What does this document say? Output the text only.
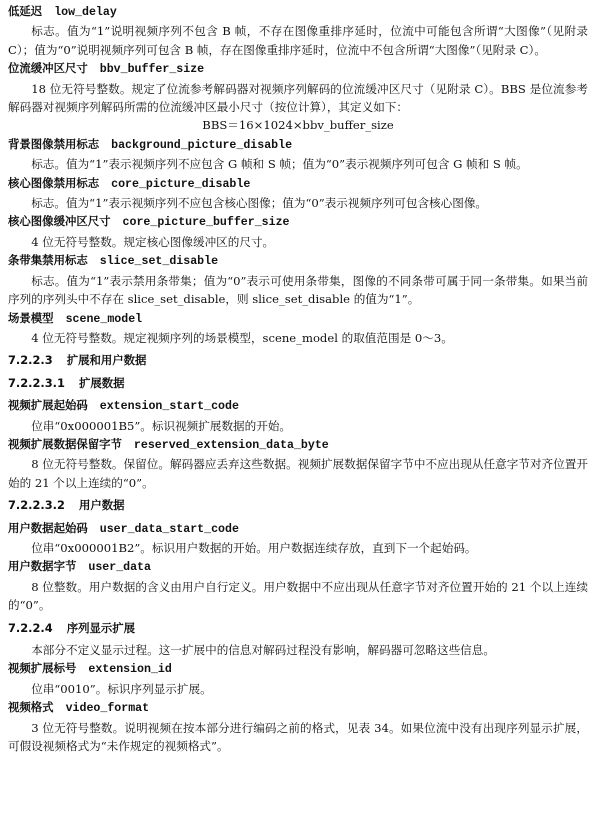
低延迟 low_delay
标志。值为“1”说明视频序列不包含 B 帧，不存在图像重排序延时，位流中可能包含所谓“大图像”（见附录 C）；值为“0”说明视频序列可包含 B 帧，存在图像重排序延时，位流中不包含所谓“大图像”（见附录 C）。
位流缓冲区尺寸 bbv_buffer_size
18 位无符号整数。规定了位流参考解码器对视频序列解码的位流缓冲区尺寸（见附录 C）。BBS 是位流参考解码器对视频序列解码所需的位流缓冲区最小尺寸（按位计算），其定义如下：
BBS＝16×1024×bbv_buffer_size
背景图像禁用标志 background_picture_disable
标志。值为“1”表示视频序列不应包含 G 帧和 S 帧；值为“0”表示视频序列可包含 G 帧和 S 帧。
核心图像禁用标志 core_picture_disable
标志。值为“1”表示视频序列不应包含核心图像；值为“0”表示视频序列可包含核心图像。
核心图像缓冲区尺寸 core_picture_buffer_size
4 位无符号整数。规定核心图像缓冲区的尺寸。
条带集禁用标志 slice_set_disable
标志。值为“1”表示禁用条带集；值为“0”表示可使用条带集，图像的不同条带可属于同一条带集。如果当前序列的序列头中不存在 slice_set_disable，则 slice_set_disable 的值为“1”。
场景模型 scene_model
4 位无符号整数。规定视频序列的场景模型，scene_model 的取值范围是 0～3。
7.2.2.3 扩展和用户数据
7.2.2.3.1 扩展数据
视频扩展起始码 extension_start_code
位串“0x000001B5”。标识视频扩展数据的开始。
视频扩展数据保留字节 reserved_extension_data_byte
8 位无符号整数。保留位。解码器应丢弃这些数据。视频扩展数据保留字节中不应出现从任意字节对齐位置开始的 21 个以上连续的“0”。
7.2.2.3.2 用户数据
用户数据起始码 user_data_start_code
位串“0x000001B2”。标识用户数据的开始。用户数据连续存放，直到下一个起始码。
用户数据字节 user_data
8 位整数。用户数据的含义由用户自行定义。用户数据中不应出现从任意字节对齐位置开始的 21 个以上连续的“0”。
7.2.2.4 序列显示扩展
本部分不定义显示过程。这一扩展中的信息对解码过程没有影响，解码器可忽略这些信息。
视频扩展标号 extension_id
位串“0010”。标识序列显示扩展。
视频格式 video_format
3 位无符号整数。说明视频在按本部分进行编码之前的格式，见表 34。如果位流中没有出现序列显示扩展，可假设视频格式为“未作规定的视频格式”。
